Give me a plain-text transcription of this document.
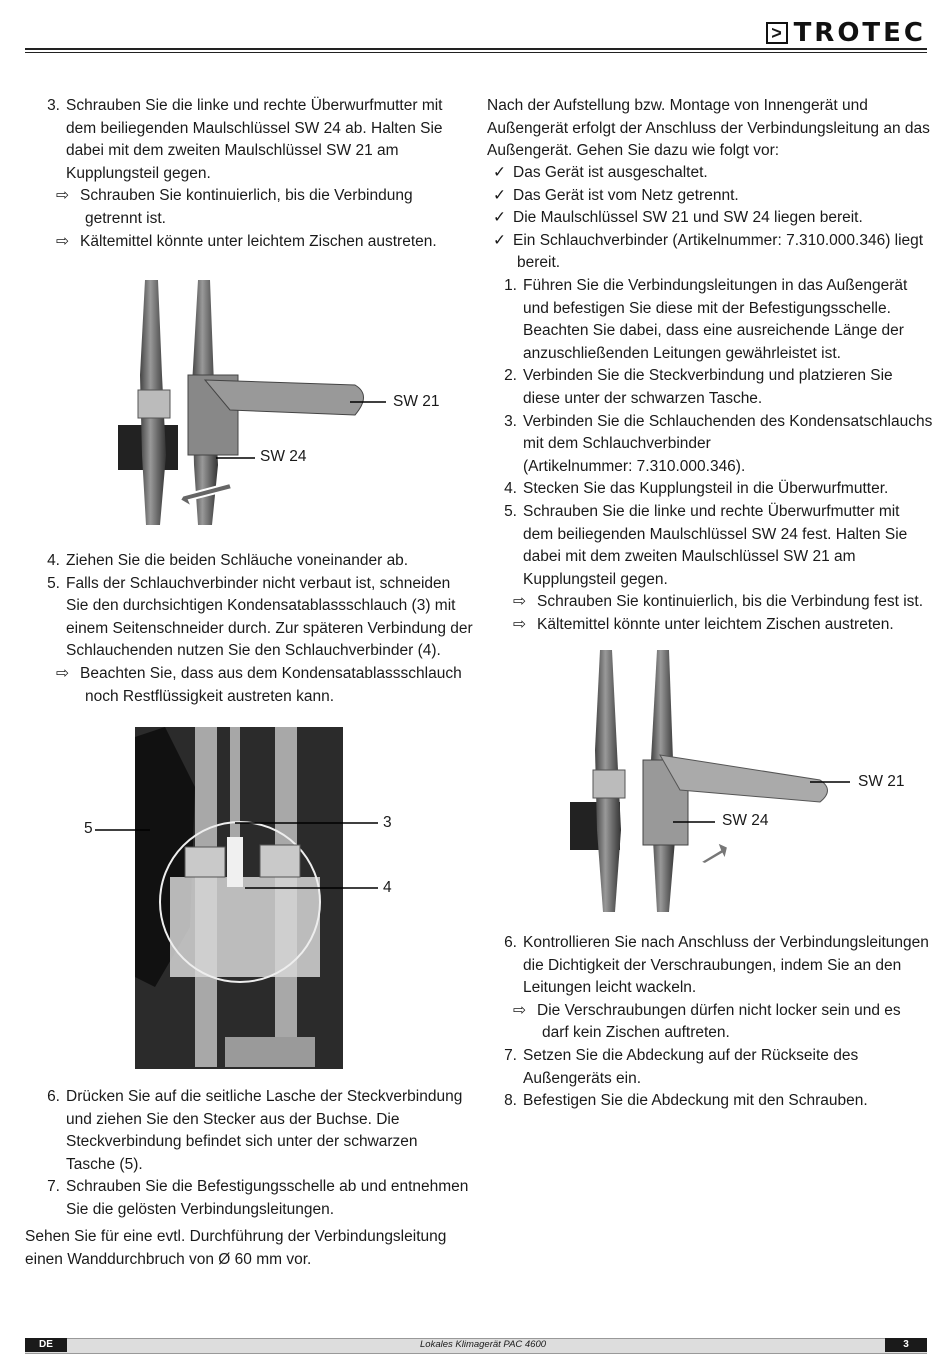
> TROTEC
3. Schrauben Sie die linke und rechte Überwurfmutter mit
dem beiliegenden Maulschlüssel SW 24 ab. Halten Sie
dabei mit dem zweiten Maulschlüssel SW 21 am
Kupplungsteil gegen.
⇨ Schrauben Sie kontinuierlich, bis die Verbindung
getrennt ist.
⇨ Kältemittel könnte unter leichtem Zischen austreten.
SW 21
SW 24
4. Ziehen Sie die beiden Schläuche voneinander ab.
5. Falls der Schlauchverbinder nicht verbaut ist, schneiden
Sie den durchsichtigen Kondensatablassschlauch (3) mit
einem Seitenschneider durch. Zur späteren Verbindung der
Schlauchenden nutzen Sie den Schlauchverbinder (4).
⇨ Beachten Sie, dass aus dem Kondensatablassschlauch
noch Restflüssigkeit austreten kann.
5	3
4
6. Drücken Sie auf die seitliche Lasche der Steckverbindung
und ziehen Sie den Stecker aus der Buchse. Die
Steckverbindung befindet sich unter der schwarzen
Tasche (5).
7. Schrauben Sie die Befestigungsschelle ab und entnehmen
Sie die gelösten Verbindungsleitungen.
Sehen Sie für eine evtl. Durchführung der Verbindungsleitung
einen Wanddurchbruch von Ø 60 mm vor.
Nach der Aufstellung bzw. Montage von Innengerät und
Außengerät erfolgt der Anschluss der Verbindungsleitung an das
Außengerät. Gehen Sie dazu wie folgt vor:
✓ Das Gerät ist ausgeschaltet.
✓ Das Gerät ist vom Netz getrennt.
✓ Die Maulschlüssel SW 21 und SW 24 liegen bereit.
✓ Ein Schlauchverbinder (Artikelnummer: 7.310.000.346) liegt
bereit.
1. Führen Sie die Verbindungsleitungen in das Außengerät
und befestigen Sie diese mit der Befestigungsschelle.
Beachten Sie dabei, dass eine ausreichende Länge der
anzuschließenden Leitungen gewährleistet ist.
2. Verbinden Sie die Steckverbindung und platzieren Sie
diese unter der schwarzen Tasche.
3. Verbinden Sie die Schlauchenden des Kondensatschlauchs
mit dem Schlauchverbinder
(Artikelnummer: 7.310.000.346).
4. Stecken Sie das Kupplungsteil in die Überwurfmutter.
5. Schrauben Sie die linke und rechte Überwurfmutter mit
dem beiliegenden Maulschlüssel SW 24 fest. Halten Sie
dabei mit dem zweiten Maulschlüssel SW 21 am
Kupplungsteil gegen.
⇨ Schrauben Sie kontinuierlich, bis die Verbindung fest ist.
⇨ Kältemittel könnte unter leichtem Zischen austreten.
SW 21
SW 24
6. Kontrollieren Sie nach Anschluss der Verbindungsleitungen
die Dichtigkeit der Verschraubungen, indem Sie an den
Leitungen leicht wackeln.
⇨ Die Verschraubungen dürfen nicht locker sein und es
darf kein Zischen auftreten.
7. Setzen Sie die Abdeckung auf der Rückseite des
Außengeräts ein.
8. Befestigen Sie die Abdeckung mit den Schrauben.
DE	Lokales Klimagerät PAC 4600	3
